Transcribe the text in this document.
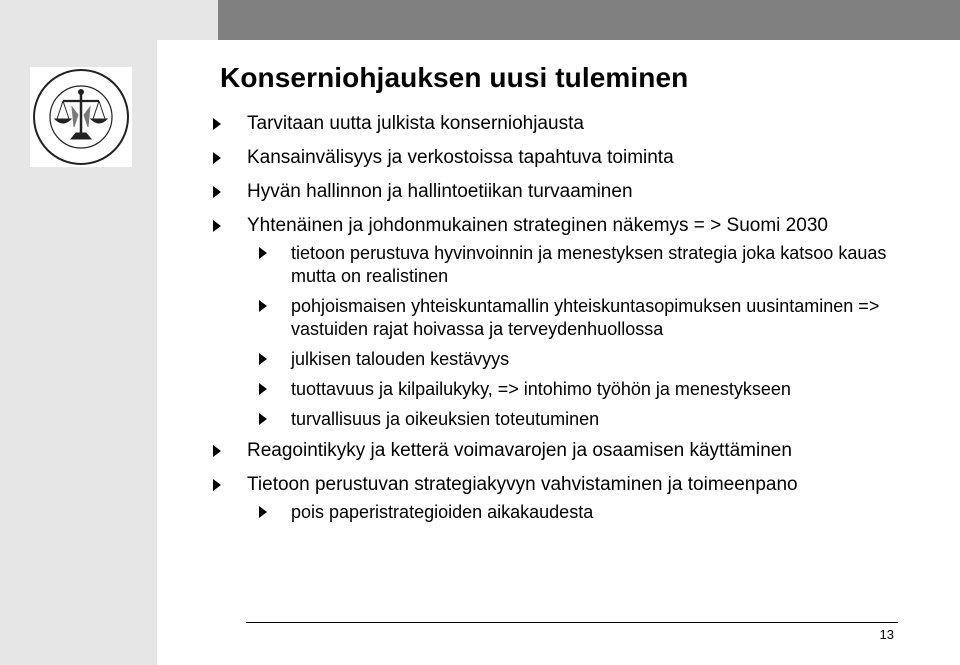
Konserniohjauksen uusi tuleminen
Tarvitaan uutta julkista konserniohjausta
Kansainvälisyys ja verkostoissa tapahtuva toiminta
Hyvän hallinnon ja hallintoetiikan turvaaminen
Yhtenäinen ja johdonmukainen strateginen näkemys = > Suomi 2030
tietoon perustuva hyvinvoinnin ja menestyksen strategia joka katsoo kauas mutta on realistinen
pohjoismaisen yhteiskuntamallin yhteiskuntasopimuksen uusintaminen => vastuiden rajat hoivassa ja terveydenhuollossa
julkisen talouden kestävyys
tuottavuus ja kilpailukyky, => intohimo työhön ja menestykseen
turvallisuus ja oikeuksien toteutuminen
Reagointikyky ja ketterä voimavarojen ja osaamisen käyttäminen
Tietoon perustuvan strategiakyvyn vahvistaminen ja toimeenpano
pois paperistrategioiden aikakaudesta
13
